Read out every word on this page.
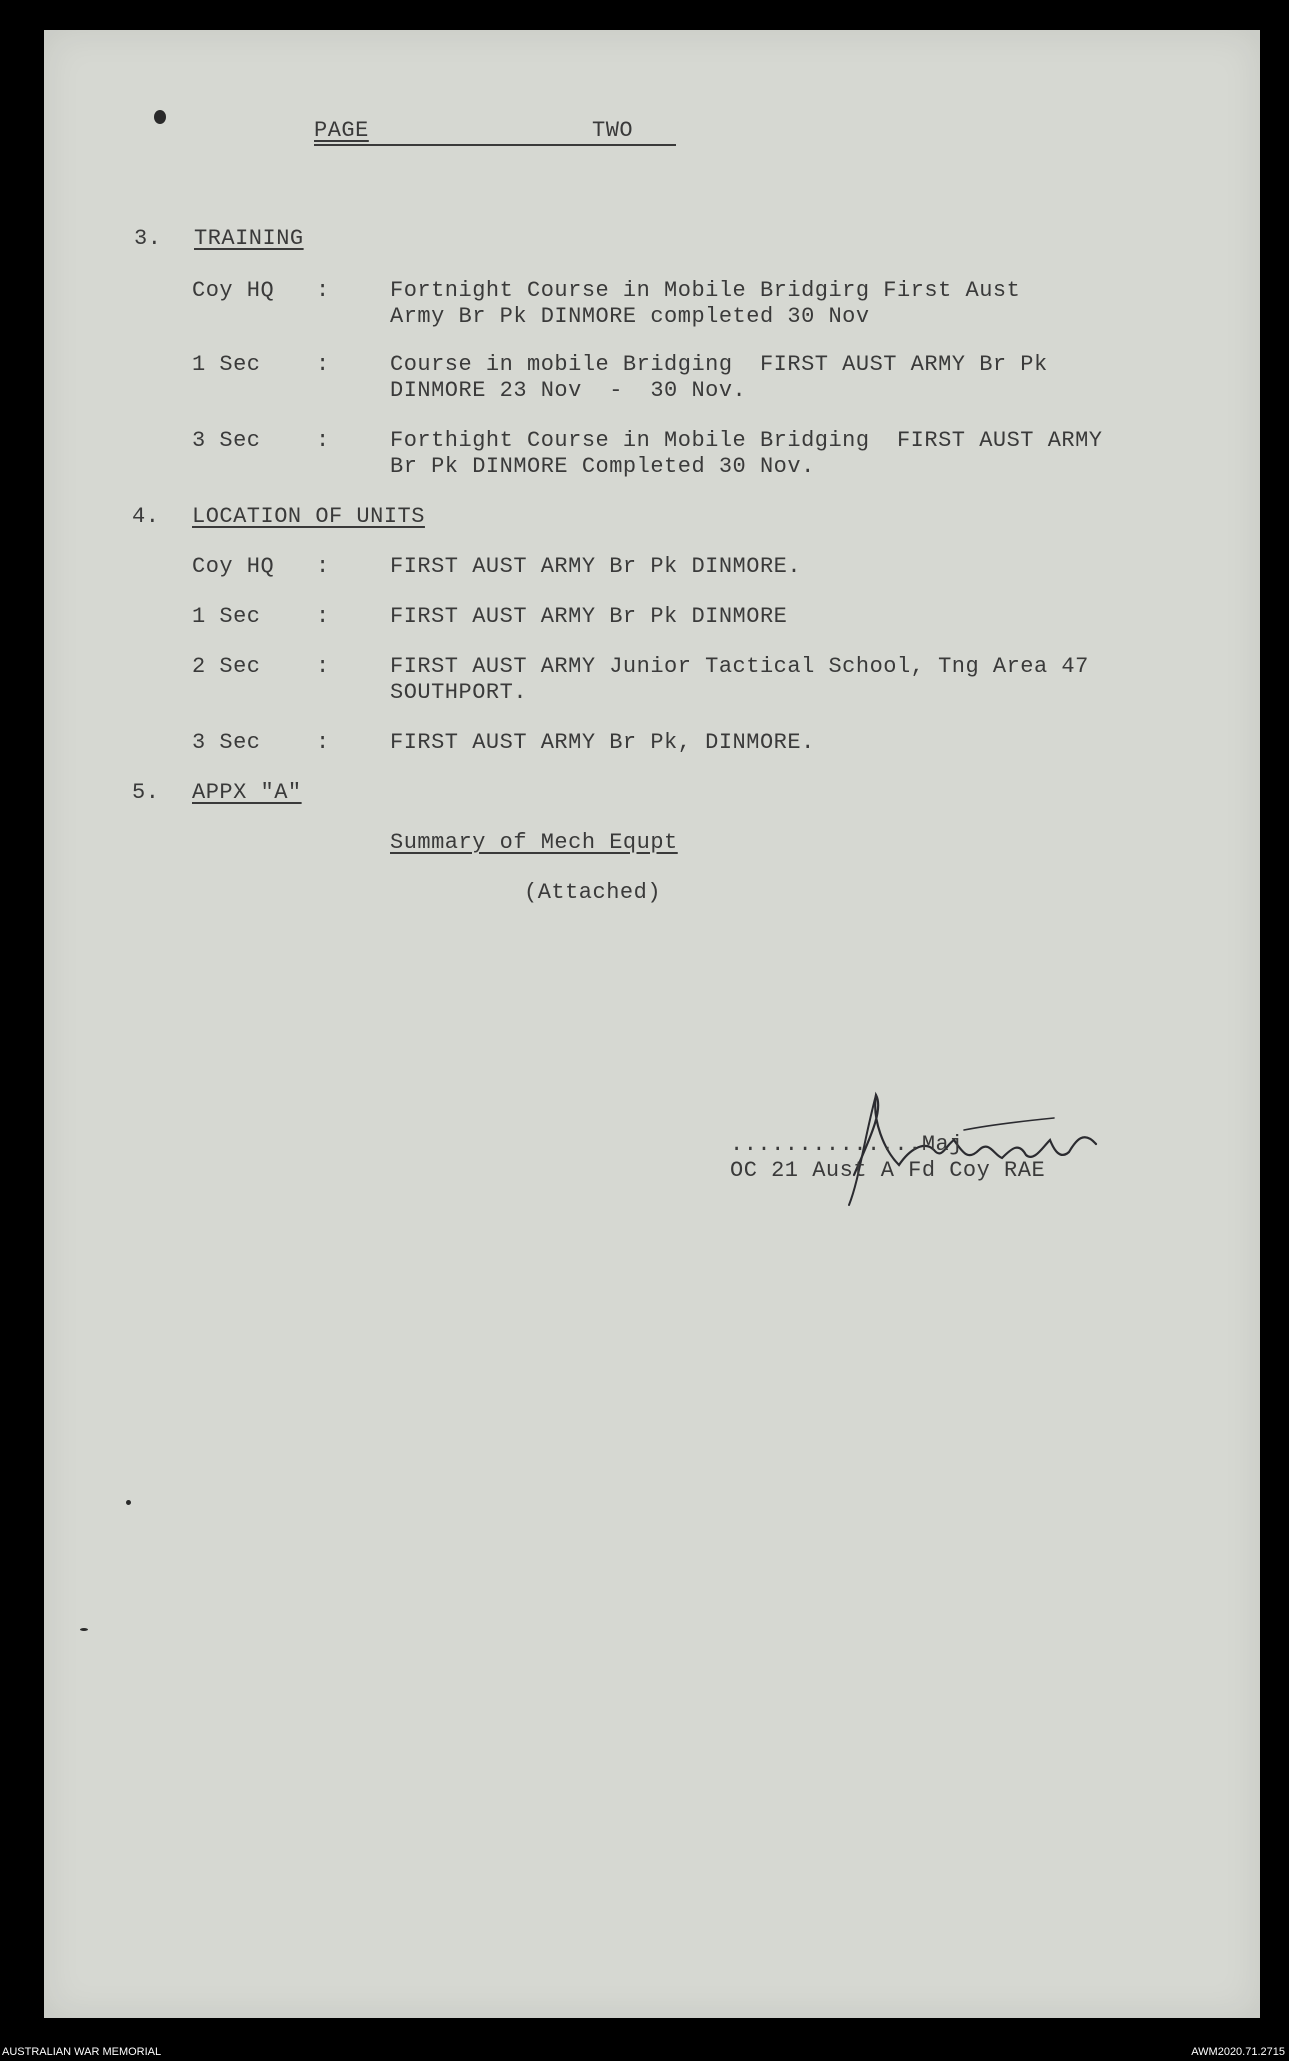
PAGE	TWO
3. TRAINING
Coy HQ :	Fortnight Course in Mobile Bridgirg First Aust
Army Br Pk DINMORE completed 30 Nov
1 Sec	:	Course in mobile Bridging  FIRST AUST ARMY Br Pk
DINMORE 23 Nov  -  30 Nov.
3 Sec	:	Forthight Course in Mobile Bridging  FIRST AUST ARMY
Br Pk DINMORE Completed 30 Nov.
4. LOCATION OF UNITS
Coy HQ :	FIRST AUST ARMY Br Pk DINMORE.
1 Sec	:	FIRST AUST ARMY Br Pk DINMORE
2 Sec	:	FIRST AUST ARMY Junior Tactical School, Tng Area 47
SOUTHPORT.
3 Sec	:	FIRST AUST ARMY Br Pk, DINMORE.
5. APPX "A"
Summary of Mech Equpt
(Attached)
..............Maj
OC 21 Aust A Fd Coy RAE
AUSTRALIAN WAR MEMORIAL	AWM2020.71.2715
